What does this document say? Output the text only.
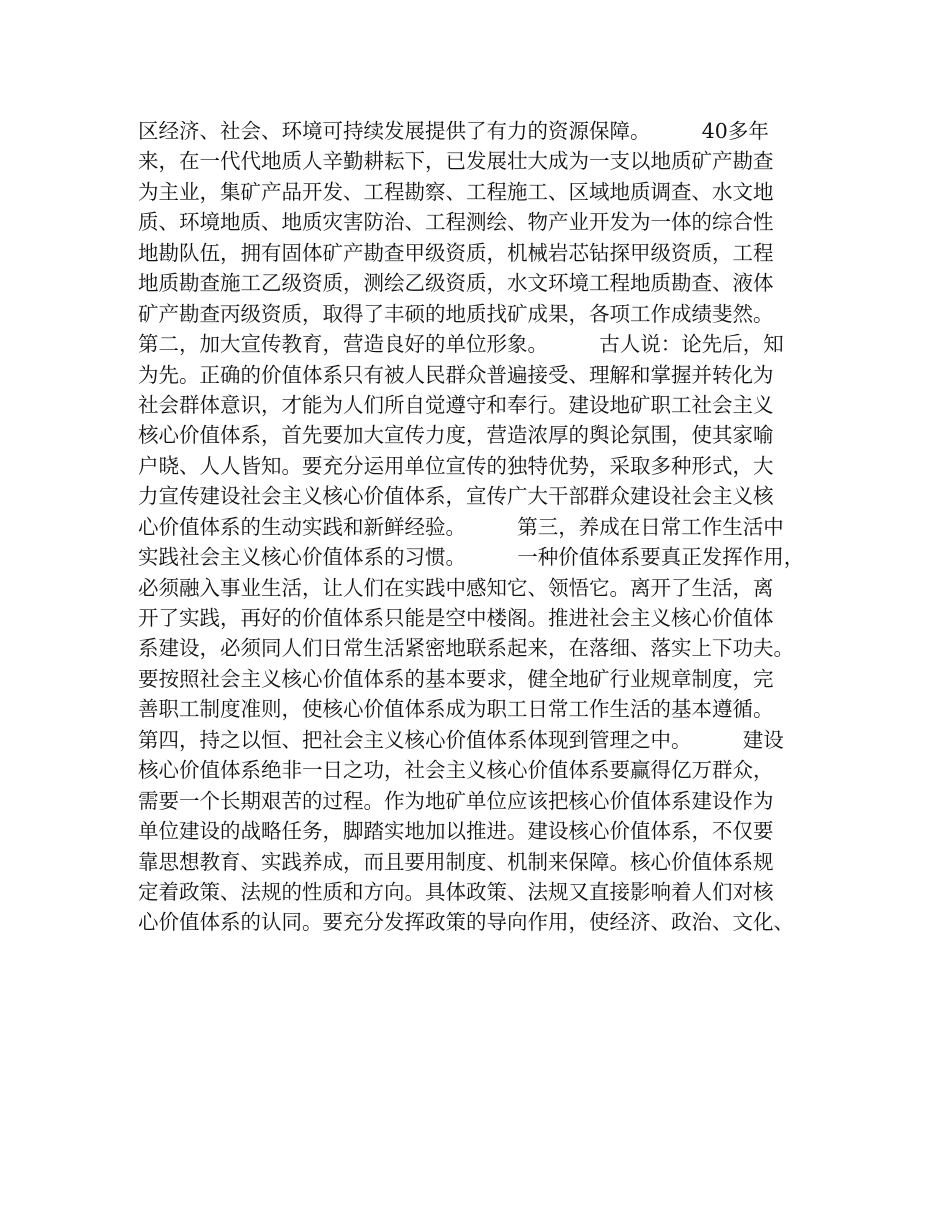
区经济、社会、环境可持续发展提供了有力的资源保障。　　　40多年
来，在一代代地质人辛勤耕耘下，已发展壮大成为一支以地质矿产勘查
为主业，集矿产品开发、工程勘察、工程施工、区域地质调查、水文地
质、环境地质、地质灾害防治、工程测绘、物产业开发为一体的综合性
地勘队伍，拥有固体矿产勘查甲级资质，机械岩芯钻探甲级资质，工程
地质勘查施工乙级资质，测绘乙级资质，水文环境工程地质勘查、液体
矿产勘查丙级资质，取得了丰硕的地质找矿成果，各项工作成绩斐然。
第二，加大宣传教育，营造良好的单位形象。　　　古人说：论先后，知
为先。正确的价值体系只有被人民群众普遍接受、理解和掌握并转化为
社会群体意识，才能为人们所自觉遵守和奉行。建设地矿职工社会主义
核心价值体系，首先要加大宣传力度，营造浓厚的舆论氛围，使其家喻
户晓、人人皆知。要充分运用单位宣传的独特优势，采取多种形式，大
力宣传建设社会主义核心价值体系，宣传广大干部群众建设社会主义核
心价值体系的生动实践和新鲜经验。　　　第三，养成在日常工作生活中
实践社会主义核心价值体系的习惯。　　　一种价值体系要真正发挥作用，
必须融入事业生活，让人们在实践中感知它、领悟它。离开了生活，离
开了实践，再好的价值体系只能是空中楼阁。推进社会主义核心价值体
系建设，必须同人们日常生活紧密地联系起来，在落细、落实上下功夫。
要按照社会主义核心价值体系的基本要求，健全地矿行业规章制度，完
善职工制度准则，使核心价值体系成为职工日常工作生活的基本遵循。
第四，持之以恒、把社会主义核心价值体系体现到管理之中。　　　建设
核心价值体系绝非一日之功，社会主义核心价值体系要赢得亿万群众，
需要一个长期艰苦的过程。作为地矿单位应该把核心价值体系建设作为
单位建设的战略任务，脚踏实地加以推进。建设核心价值体系，不仅要
靠思想教育、实践养成，而且要用制度、机制来保障。核心价值体系规
定着政策、法规的性质和方向。具体政策、法规又直接影响着人们对核
心价值体系的认同。要充分发挥政策的导向作用，使经济、政治、文化、
